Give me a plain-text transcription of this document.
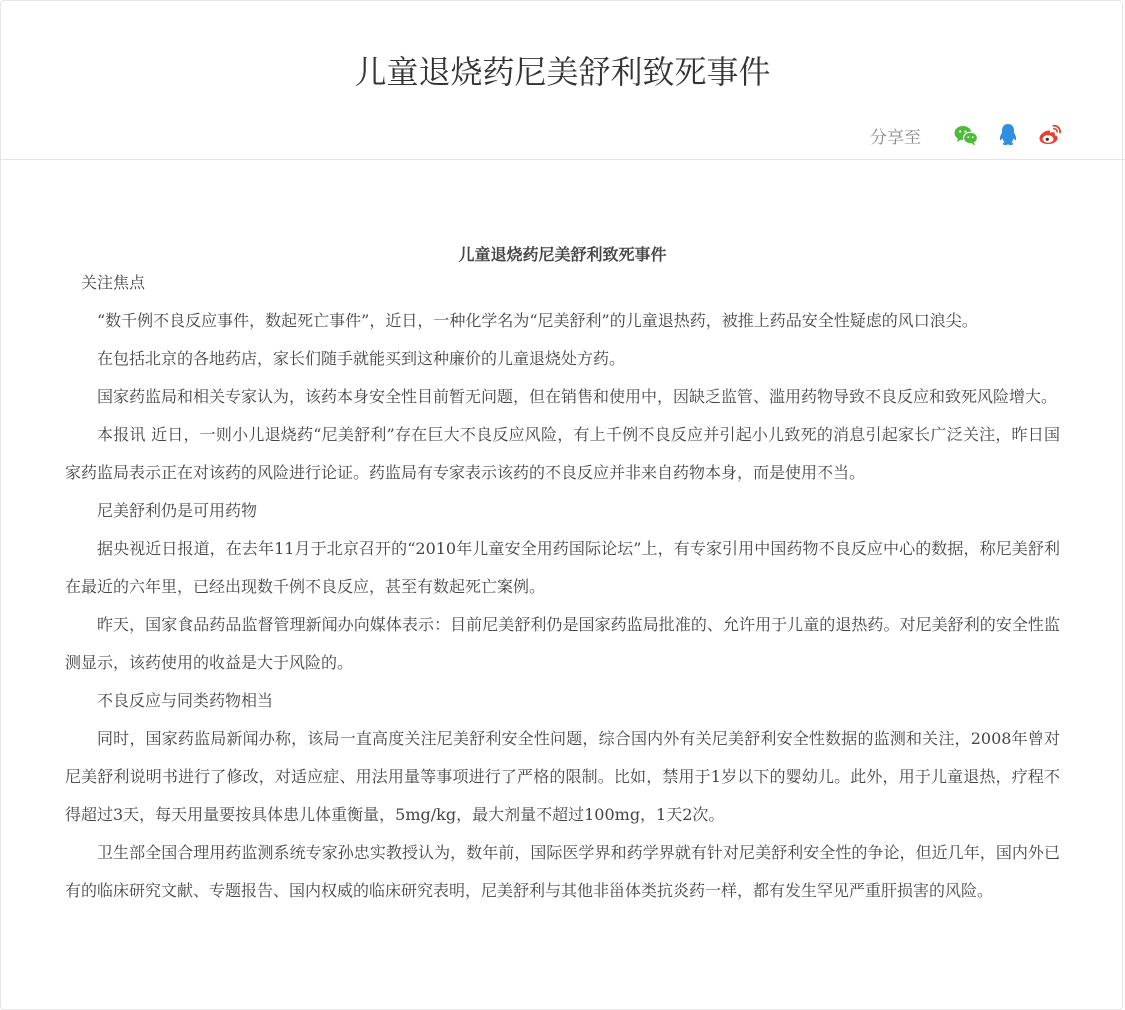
儿童退烧药尼美舒利致死事件
分享至
儿童退烧药尼美舒利致死事件

关注焦点

“数千例不良反应事件，数起死亡事件”，近日，一种化学名为“尼美舒利”的儿童退热药，被推上药品安全性疑虑的风口浪尖。

在包括北京的各地药店，家长们随手就能买到这种廉价的儿童退烧处方药。

国家药监局和相关专家认为，该药本身安全性目前暂无问题，但在销售和使用中，因缺乏监管、滥用药物导致不良反应和致死风险增大。

本报讯 近日，一则小儿退烧药“尼美舒利”存在巨大不良反应风险，有上千例不良反应并引起小儿致死的消息引起家长广泛关注，昨日国家药监局表示正在对该药的风险进行论证。药监局有专家表示该药的不良反应并非来自药物本身，而是使用不当。

尼美舒利仍是可用药物

据央视近日报道，在去年11月于北京召开的“2010年儿童安全用药国际论坛”上，有专家引用中国药物不良反应中心的数据，称尼美舒利在最近的六年里，已经出现数千例不良反应，甚至有数起死亡案例。

昨天，国家食品药品监督管理新闻办向媒体表示：目前尼美舒利仍是国家药监局批准的、允许用于儿童的退热药。对尼美舒利的安全性监测显示，该药使用的收益是大于风险的。

不良反应与同类药物相当

同时，国家药监局新闻办称，该局一直高度关注尼美舒利安全性问题，综合国内外有关尼美舒利安全性数据的监测和关注，2008年曾对尼美舒利说明书进行了修改，对适应症、用法用量等事项进行了严格的限制。比如，禁用于1岁以下的婴幼儿。此外，用于儿童退热，疗程不得超过3天，每天用量要按具体患儿体重衡量，5mg/kg，最大剂量不超过100mg，1天2次。

卫生部全国合理用药监测系统专家孙忠实教授认为，数年前，国际医学界和药学界就有针对尼美舒利安全性的争论，但近几年，国内外已有的临床研究文献、专题报告、国内权威的临床研究表明，尼美舒利与其他非甾体类抗炎药一样，都有发生罕见严重肝损害的风险。
